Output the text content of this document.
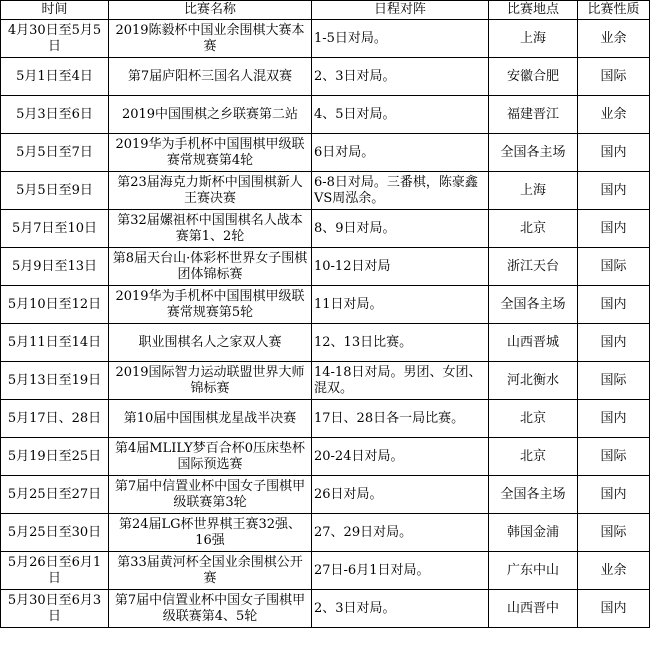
时间	比赛名称	日程对阵	比赛地点	比赛性质
4月30日至5月5日	2019陈毅杯中国业余围棋大赛本赛	1-5日对局。	上海	业余
5月1日至4日	第7届庐阳杯三国名人混双赛	2、3日对局。	安徽合肥	国际
5月3日至6日	2019中国围棋之乡联赛第二站	4、5日对局。	福建晋江	业余
5月5日至7日	2019华为手机杯中国围棋甲级联赛常规赛第4轮	6日对局。	全国各主场	国内
5月5日至9日	第23届海克力斯杯中国围棋新人王赛决赛	6-8日对局。三番棋，陈豪鑫VS周泓余。	上海	国内
5月7日至10日	第32届嫘祖杯中国围棋名人战本赛第1、2轮	8、9日对局。	北京	国内
5月9日至13日	第8届天台山·体彩杯世界女子围棋团体锦标赛	10-12日对局	浙江天台	国际
5月10日至12日	2019华为手机杯中国围棋甲级联赛常规赛第5轮	11日对局。	全国各主场	国内
5月11日至14日	职业围棋名人之家双人赛	12、13日比赛。	山西晋城	国内
5月13日至19日	2019国际智力运动联盟世界大师锦标赛	14-18日对局。男团、女团、混双。	河北衡水	国际
5月17日、28日	第10届中国围棋龙星战半决赛	17日、28日各一局比赛。	北京	国内
5月19日至25日	第4届MLILY梦百合杯0压床垫杯国际预选赛	20-24日对局。	北京	国际
5月25日至27日	第7届中信置业杯中国女子围棋甲级联赛第3轮	26日对局。	全国各主场	国内
5月25日至30日	第24届LG杯世界棋王赛32强、16强	27、29日对局。	韩国金浦	国际
5月26日至6月1日	第33届黄河杯全国业余围棋公开赛	27日-6月1日对局。	广东中山	业余
5月30日至6月3日	第7届中信置业杯中国女子围棋甲级联赛第4、5轮	2、3日对局。	山西晋中	国内
